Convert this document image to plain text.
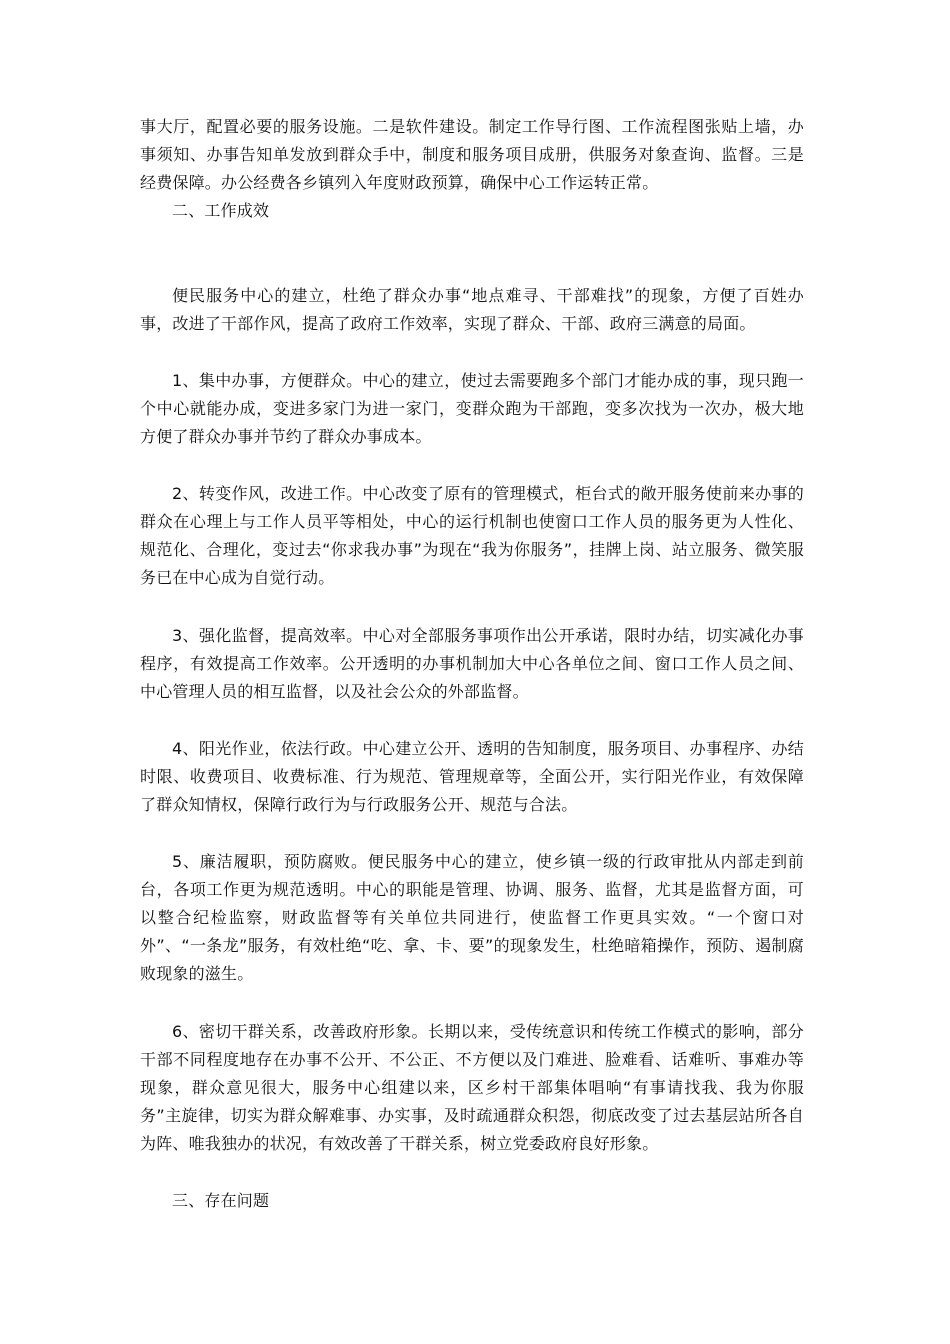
事大厅，配置必要的服务设施。二是软件建设。制定工作导行图、工作流程图张贴上墙，办事须知、办事告知单发放到群众手中，制度和服务项目成册，供服务对象查询、监督。三是经费保障。办公经费各乡镇列入年度财政预算，确保中心工作运转正常。

二、工作成效

便民服务中心的建立，杜绝了群众办事“地点难寻、干部难找”的现象，方便了百姓办事，改进了干部作风，提高了政府工作效率，实现了群众、干部、政府三满意的局面。

1、集中办事，方便群众。中心的建立，使过去需要跑多个部门才能办成的事，现只跑一个中心就能办成，变进多家门为进一家门，变群众跑为干部跑，变多次找为一次办，极大地方便了群众办事并节约了群众办事成本。

2、转变作风，改进工作。中心改变了原有的管理模式，柜台式的敞开服务使前来办事的群众在心理上与工作人员平等相处，中心的运行机制也使窗口工作人员的服务更为人性化、规范化、合理化，变过去“你求我办事”为现在“我为你服务”，挂牌上岗、站立服务、微笑服务已在中心成为自觉行动。

3、强化监督，提高效率。中心对全部服务事项作出公开承诺，限时办结，切实减化办事程序，有效提高工作效率。公开透明的办事机制加大中心各单位之间、窗口工作人员之间、中心管理人员的相互监督，以及社会公众的外部监督。

4、阳光作业，依法行政。中心建立公开、透明的告知制度，服务项目、办事程序、办结时限、收费项目、收费标准、行为规范、管理规章等，全面公开，实行阳光作业，有效保障了群众知情权，保障行政行为与行政服务公开、规范与合法。

5、廉洁履职，预防腐败。便民服务中心的建立，使乡镇一级的行政审批从内部走到前台，各项工作更为规范透明。中心的职能是管理、协调、服务、监督，尤其是监督方面，可以整合纪检监察，财政监督等有关单位共同进行，使监督工作更具实效。“一个窗口对外”、“一条龙”服务，有效杜绝“吃、拿、卡、要”的现象发生，杜绝暗箱操作，预防、遏制腐败现象的滋生。

6、密切干群关系，改善政府形象。长期以来，受传统意识和传统工作模式的影响，部分干部不同程度地存在办事不公开、不公正、不方便以及门难进、脸难看、话难听、事难办等现象，群众意见很大，服务中心组建以来，区乡村干部集体唱响“有事请找我、我为你服务”主旋律，切实为群众解难事、办实事，及时疏通群众积怨，彻底改变了过去基层站所各自为阵、唯我独办的状况，有效改善了干群关系，树立党委政府良好形象。

三、存在问题
